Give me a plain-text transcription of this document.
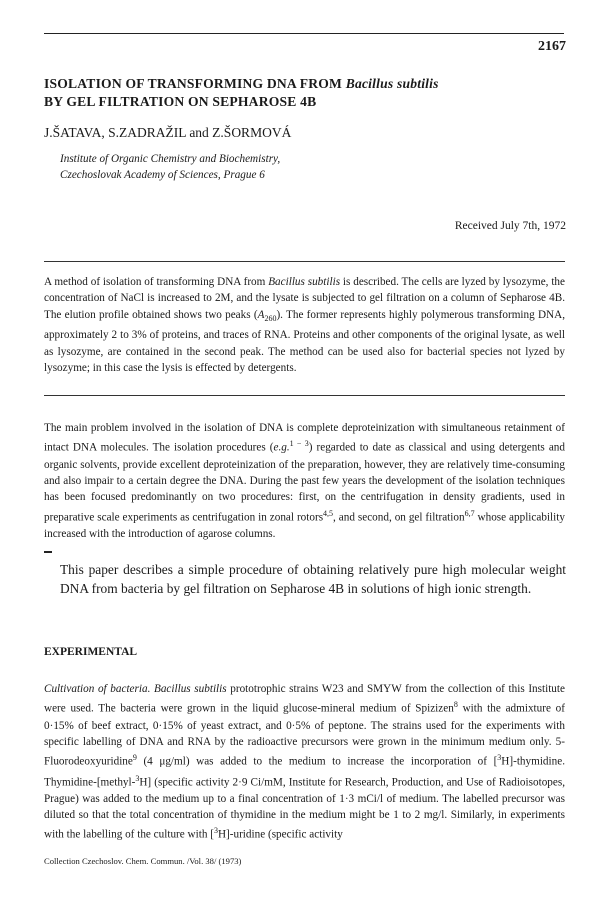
2167
ISOLATION OF TRANSFORMING DNA FROM Bacillus subtilis
BY GEL FILTRATION ON SEPHAROSE 4B

J.ŠATAVA, S.ZADRAŽIL and Z.ŠORMOVÁ

Institute of Organic Chemistry and Biochemistry,
Czechoslovak Academy of Sciences, Prague 6

Received July 7th, 1972

A method of isolation of transforming DNA from Bacillus subtilis is described. The cells are lyzed by lysozyme, the concentration of NaCl is increased to 2M, and the lysate is subjected to gel filtration on a column of Sepharose 4B. The elution profile obtained shows two peaks $(A_{260})$. The former represents highly polymerous transforming DNA, approximately 2 to 3% of proteins, and traces of RNA. Proteins and other components of the original lysate, as well as lysozyme, are contained in the second peak. The method can be used also for bacterial species not lyzed by lysozyme; in this case the lysis is effected by detergents.

The main problem involved in the isolation of DNA is complete deproteinization with simultaneous retainment of intact DNA molecules. The isolation procedures (e.g.$^{1 - 3}$) regarded to date as classical and using detergents and organic solvents, provide excellent deproteinization of the preparation, however, they are relatively time-consuming and also impair to a certain degree the DNA. During the past few years the development of the isolation techniques has been focused predominantly on two procedures: first, on the centrifugation in density gradients, used in preparative scale experiments as centrifugation in zonal rotors$^{4,5}$, and second, on gel filtration$^{6,7}$ whose applicability increased with the introduction of agarose columns.

This paper describes a simple procedure of obtaining relatively pure high molecular weight DNA from bacteria by gel filtration on Sepharose 4B in solutions of high ionic strength.

EXPERIMENTAL

Cultivation of bacteria. Bacillus subtilis prototrophic strains W23 and SMYW from the collection of this Institute were used. The bacteria were grown in the liquid glucose-mineral medium of Spizizen$^8$ with the admixture of 0·15% of beef extract, 0·15% of yeast extract, and 0·5% of peptone. The strains used for the experiments with specific labelling of DNA and RNA by the radioactive precursors were grown in the minimum medium only. 5-Fluorodeoxyuridine$^9$ (4 μg/ml) was added to the medium to increase the incorporation of [$^3$H]-thymidine. Thymidine-[methyl-$^3$H] (specific activity 2·9 Ci/mM, Institute for Research, Production, and Use of Radioisotopes, Prague) was added to the medium up to a final concentration of 1·3 mCi/l of medium. The labelled precursor was diluted so that the total concentration of thymidine in the medium might be 1 to 2 mg/l. Similarly, in experiments with the labelling of the culture with [$^3$H]-uridine (specific activity

Collection Czechoslov. Chem. Commun. /Vol. 38/ (1973)
